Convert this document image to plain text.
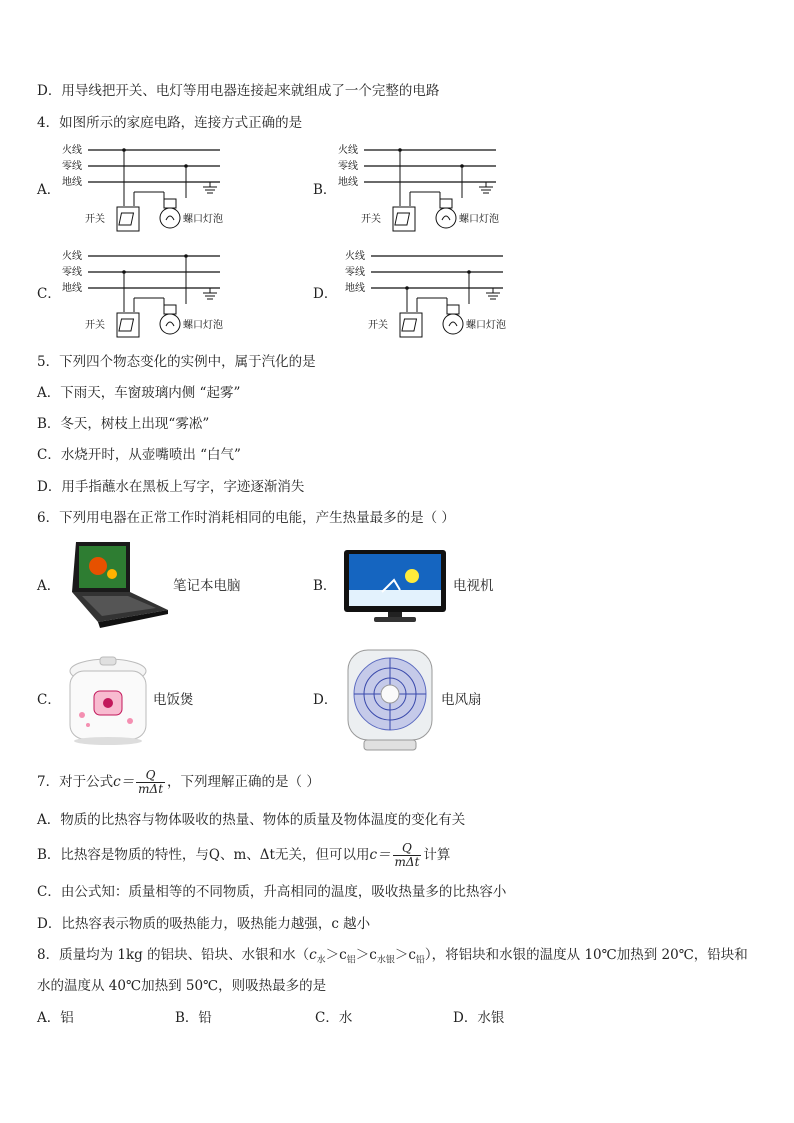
D．用导线把开关、电灯等用电器连接起来就组成了一个完整的电路
4．如图所示的家庭电路，连接方式正确的是
A．	B．
C．	D．
火线
零线
地线
开关	螺口灯泡
火线
零线
地线
开关	螺口灯泡
火线
零线
地线
开关	螺口灯泡
火线
零线
地线
开关	螺口灯泡
5．下列四个物态变化的实例中，属于汽化的是
A．下雨天，车窗玻璃内侧 “起雾”
B．冬天，树枝上出现“雾凇”
C．水烧开时，从壶嘴喷出 “白气”
D．用手指蘸水在黑板上写字，字迹逐渐消失
6．下列用电器在正常工作时消耗相同的电能，产生热量最多的是（ ）
A．	笔记本电脑	B．	电视机
C．	电饭煲	D．	电风扇
7．对于公式$c= \frac{Q}{\text{mΔt}}$ ，下列理解正确的是（ ）
A．物质的比热容与物体吸收的热量、物体的质量及物体温度的变化有关
B．比热容是物质的特性，与Q、m、Δt无关，但可以用$c= \frac{Q}{\text{mΔt}}$ 计算
C．由公式知：质量相等的不同物质，升高相同的温度，吸收热量多的比热容小
D．比热容表示物质的吸热能力，吸热能力越强，c 越小
8．质量均为 1kg 的铝块、铅块、水银和水$(c_水>c_铝>c_{水银}>c_铅)$，将铝块和水银的温度从 10℃加热到 20℃，铅块和
水的温度从 40℃加热到 50℃，则吸热最多的是
A．铝	B．铅	C．水	D．水银
